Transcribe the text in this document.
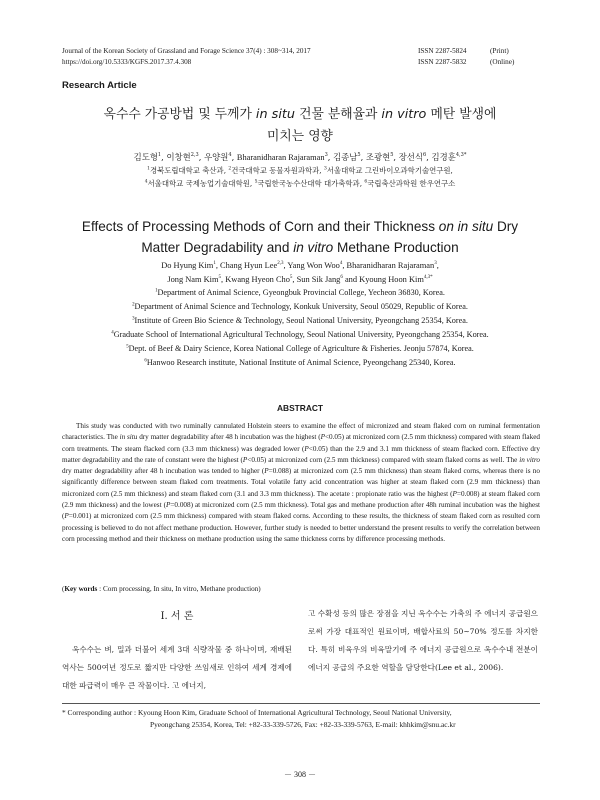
Journal of the Korean Society of Grassland and Forage Science 37(4) : 308~314, 2017
https://doi.org/10.5333/KGFS.2017.37.4.308
ISSN 2287-5824	(Print)
ISSN 2287-5832	(Online)
Research Article
옥수수 가공방법 및 두께가 in situ 건물 분해율과 in vitro 메탄 발생에
미치는 영향
김도형$^1$, 이창현$^{2,3}$, 우양원$^4$, Bharanidharan Rajaraman$^3$, 김종남$^5$, 조광현$^5$, 장선식$^6$, 김경훈$^{4,3*}$
$^1$경북도립대학교 축산과, $^2$건국대학교 동물자원과학과, $^3$서울대학교 그린바이오과학기술연구원,
$^4$서울대학교 국제농업기술대학원, $^5$국립한국농수산대학 대가축학과, $^6$국립축산과학원 한우연구소
Effects of Processing Methods of Corn and their Thickness on in situ Dry
Matter Degradability and in vitro Methane Production
Do Hyung Kim$^1$, Chang Hyun Lee$^{2,3}$, Yang Won Woo$^4$, Bharanidharan Rajaraman$^3$,
Jong Nam Kim$^5$, Kwang Hyeon Cho$^5$, Sun Sik Jang$^6$ and Kyoung Hoon Kim$^{4,3*}$
$^1$Department of Animal Science, Gyeongbuk Provincial College, Yecheon 36830, Korea.
$^2$Department of Animal Science and Technology, Konkuk University, Seoul 05029, Republic of Korea.
$^3$Institute of Green Bio Science & Technology, Seoul National University, Pyeongchang 25354, Korea.
$^4$Graduate School of International Agricultural Technology, Seoul National University, Pyeongchang 25354, Korea.
$^5$Dept. of Beef & Dairy Science, Korea National College of Agriculture & Fisheries. Jeonju 57874, Korea.
$^6$Hanwoo Research institute, National Institute of Animal Science, Pyeongchang 25340, Korea.
ABSTRACT
This study was conducted with two ruminally cannulated Holstein steers to examine the effect of micronized and steam flaked corn on ruminal fermentation characteristics. The in situ dry matter degradability after 48 h incubation was the highest (P<0.05) at micronized corn (2.5 mm thickness) compared with steam flaked corn treatments. The steam flacked corn (3.3 mm thickness) was degraded lower (P<0.05) than the 2.9 and 3.1 mm thickness of steam flacked corn. Effective dry matter degradability and the rate of constant were the highest (P<0.05) at micronized corn (2.5 mm thickness) compared with steam flaked corns as well. The in vitro dry matter degradability after 48 h incubation was tended to higher (P=0.088) at micronized corn (2.5 mm thickness) than steam flaked corns, whereas there is no significantly difference between steam flaked corn treatments. Total volatile fatty acid concentration was higher at steam flaked corn (2.9 mm thickness) than micronized corn (2.5 mm thickness) and steam flaked corn (3.1 and 3.3 mm thickness). The acetate : propionate ratio was the highest (P=0.008) at steam flaked corn (2.9 mm thickness) and the lowest (P=0.008) at micronized corn (2.5 mm thickness). Total gas and methane production after 48h ruminal incubation was the highest (P=0.001) at micronized corn (2.5 mm thickness) compared with steam flaked corns. According to these results, the thickness of steam flaked corn as resulted corn processing is believed to do not affect methane production. However, further study is needed to better understand the present results to verify the correlation between corn processing method and their thickness on methane production using the same thickness corns by difference processing methods.
(Key words : Corn processing, In situ, In vitro, Methane production)
Ⅰ. 서 론
옥수수는 벼, 밀과 더불어 세계 3대 식량작물 중 하나이며, 재배된 역사는 500여년 정도로 짧지만 다양한 쓰임새로 인하여 세계 경제에 대한 파급력이 매우 큰 작물이다. 고 에너지,
고 수확성 등의 많은 장점을 지닌 옥수수는 가축의 주 에너지 공급원으로써 가장 대표적인 원료이며, 배합사료의 50~70% 정도를 차지한다. 특히 비육우의 비육말기에 주 에너지 공급원으로 옥수수내 전분이 에너지 공급의 주요한 역할을 담당한다(Lee et al., 2006).
* Corresponding author : Kyoung Hoon Kim, Graduate School of International Agricultural Technology, Seoul National University,
Pyeongchang 25354, Korea, Tel: +82-33-339-5726, Fax: +82-33-339-5763, E-mail: khhkim@snu.ac.kr
－ 308 －
